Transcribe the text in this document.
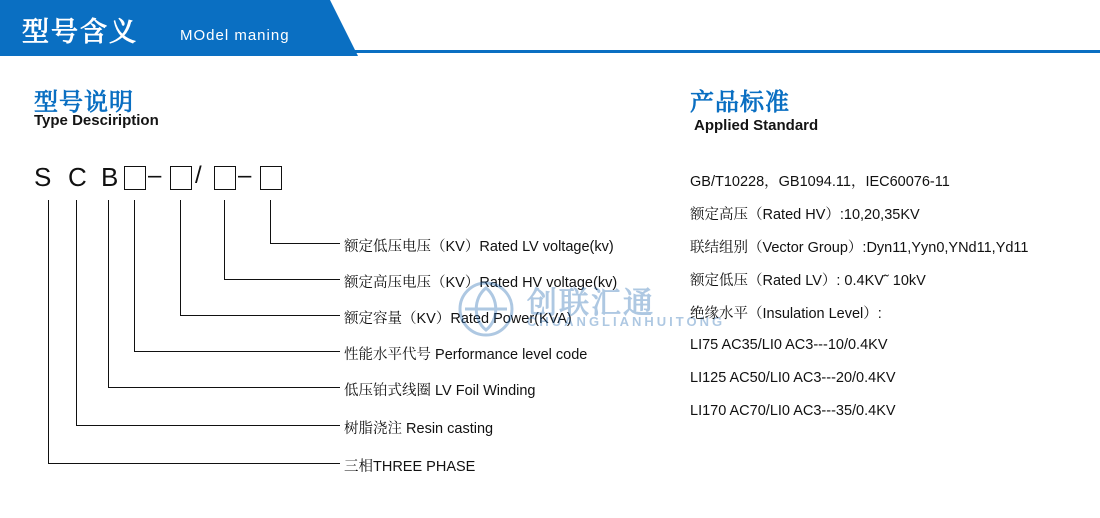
型号含义	MOdel maning
型号说明
Type Desciription
产品标准
Applied Standard
S C B – / –
额定低压电压（KV）Rated LV voltage(kv)
额定高压电压（KV）Rated HV voltage(kv)
额定容量（KV）Rated Power(KVA)
性能水平代号 Performance level code
低压铂式线圈 LV Foil Winding
树脂浇注 Resin casting
三相THREE PHASE
创联汇通
CHUANGLIANHUITONG
GB/T10228，GB1094.11，IEC60076-11
额定高压（Rated HV）:10,20,35KV
联结组别（Vector Group）:Dyn11,Yyn0,YNd11,Yd11
额定低压（Rated LV）: 0.4KV˜ 10kV
绝缘水平（Insulation Level）:
LI75 AC35/LI0 AC3---10/0.4KV
LI125 AC50/LI0 AC3---20/0.4KV
LI170 AC70/LI0 AC3---35/0.4KV
